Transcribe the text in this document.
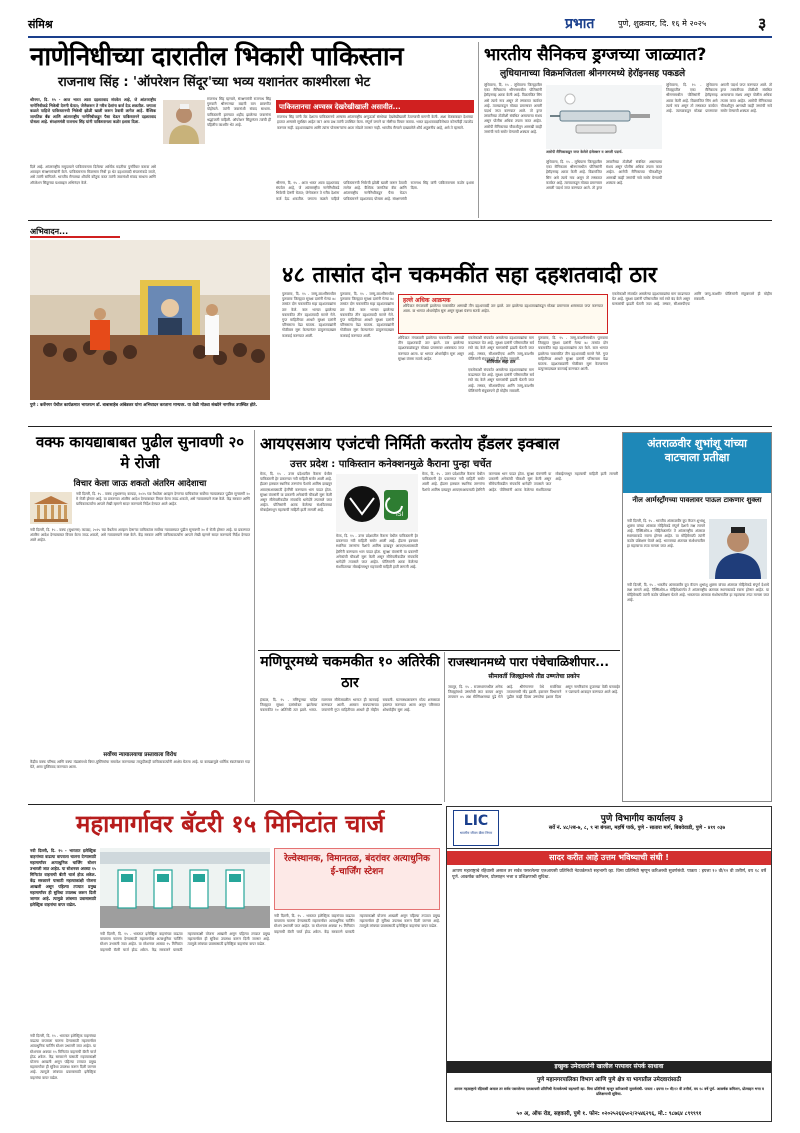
संमिश्र	प्रभात	पुणे, शुक्रवार, दि. १६ मे २०२५	३
नाणेनिधीच्या दारातील भिकारी पाकिस्तान
राजनाथ सिंह : 'ऑपरेशन सिंदूर'च्या भव्य यशानंतर काश्मीरला भेट
श्रीनगर, दि. १५ - आज भारत आता दहशतवाद संपवेल आहे, जे आंतरराष्ट्रीय नाणेनिधीकडे भिकेची देणगी घेतात; जेणेकरून ते गरीब देशांना कर्ज देऊ शकतील. जगाला कळले पाहिजे पाकिस्तानची भिकेची झोळी खाली करून ठेवावी लागेल आहे. वैश्विक जागतिक बँक आणि आंतरराष्ट्रीय नाणेनिधीकडून पैसा घेऊन पाकिस्तानने दहशतवाद पोसला आहे. संरक्षणमंत्री राजनाथ सिंह यांनी पाकिस्तानला कठोर इशारा दिला.
दिले आहे. आंतरराष्ट्रीय समुदायाने पाकिस्तानला दिलेल्या आर्थिक मदतीचा पुनर्विचार करावा असे आवाहन संरक्षणमंत्र्यांनी केले. पाकिस्तानला मिळणारा निधी हा थेट दहशतवादी संघटनांकडे जातो, असे त्यांनी सांगितले. भारतीय सैन्याच्या शौर्याचे कौतुक करत त्यांनी जवानांशी संवाद साधला आणि ऑपरेशन सिंदूरच्या यशाबद्दल अभिनंदन केले.
राजनाथ सिंह म्हणाले, संरक्षणमंत्री राजनाथ सिंह गुरुवारी श्रीनगरच्या बदामी बाग छावणीत पोहोचले. त्यांनी जवानांशी संवाद साधला. पाकिस्तानी हल्ल्यात शहीद झालेल्या जवानांना श्रद्धांजली वाहिली. ऑपरेशन सिंदूरनंतर त्यांची ही पहिलीच काश्मीर भेट आहे.
पाकिस्तानचा अण्वस्त्र देखरेखीखाली असावीत...
राजनाथ सिंह यांनी जेट देशाला पाकिस्तानचे अण्वस्त्र आंतरराष्ट्रीय अणुऊर्जा संस्थेच्या देखरेखीखाली ठेवण्याची मागणी केली. अशा बेजबाबदार देशाच्या हातात अण्वस्त्रे सुरक्षित आहेत का? असा प्रश्न त्यांनी उपस्थित केला. संपूर्ण जगाने या गोष्टीचा विचार करावा. भारत दहशतवादाविरोधात कोणतीही तडजोड करणार नाही. दहशतवाद्यांना आणि त्यांना पोसणाऱ्यांना आता सोडले जाणार नाही. भारतीय सैन्याने दाखवलेले शौर्य अतुलनीय आहे, असे ते म्हणाले.
श्रीनगर, दि. १५ - आज भारत आता दहशतवाद संपवेल आहे, जे आंतरराष्ट्रीय नाणेनिधीकडे भिकेची देणगी घेतात; जेणेकरून ते गरीब देशांना कर्ज देऊ शकतील. जगाला कळले पाहिजे पाकिस्तानची भिकेची झोळी खाली करून ठेवावी लागेल आहे. वैश्विक जागतिक बँक आणि आंतरराष्ट्रीय नाणेनिधीकडून पैसा घेऊन पाकिस्तानने दहशतवाद पोसला आहे. संरक्षणमंत्री राजनाथ सिंह यांनी पाकिस्तानला कठोर इशारा दिला.
भारतीय सैनिकच ड्रग्जच्या जाळ्यात?
लुधियानाच्या विक्रमजितला श्रीनगरमध्ये हेरॉइनसह पकडले
लुधियाना, दि. १५ - लुधियाना जिल्ह्यातील एका सैनिकाला श्रीनगरमधील पोलिसांनी हेरॉइनसह अटक केली आहे. विक्रमजित सिंग असे त्याचे नाव असून तो लष्करात कार्यरत आहे. त्याच्याकडून मोठ्या प्रमाणावर अमली पदार्थ जप्त करण्यात आले. तो ड्रग्ज तस्करीच्या टोळीशी संबंधित असल्याचा संशय असून पोलीस अधिक तपास करत आहेत. आरोपी सैनिकाच्या चौकशीतून आणखी काही जणांची नावे समोर येण्याची शक्यता आहे.
आरोपी सैनिकाकडून जप्त केलेले इंजेक्शन व अमली पदार्थ.
लुधियाना, दि. १५ - लुधियाना जिल्ह्यातील एका सैनिकाला श्रीनगरमधील पोलिसांनी हेरॉइनसह अटक केली आहे. विक्रमजित सिंग असे त्याचे नाव असून तो लष्करात कार्यरत आहे. त्याच्याकडून मोठ्या प्रमाणावर अमली पदार्थ जप्त करण्यात आले. तो ड्रग्ज तस्करीच्या टोळीशी संबंधित असल्याचा संशय असून पोलीस अधिक तपास करत आहेत. आरोपी सैनिकाच्या चौकशीतून आणखी काही जणांची नावे समोर येण्याची शक्यता आहे.
लुधियाना, दि. १५ - लुधियाना जिल्ह्यातील एका सैनिकाला श्रीनगरमधील पोलिसांनी हेरॉइनसह अटक केली आहे. विक्रमजित सिंग असे त्याचे नाव असून तो लष्करात कार्यरत आहे. त्याच्याकडून मोठ्या प्रमाणावर अमली पदार्थ जप्त करण्यात आले. तो ड्रग्ज तस्करीच्या टोळीशी संबंधित असल्याचा संशय असून पोलीस अधिक तपास करत आहेत. आरोपी सैनिकाच्या चौकशीतून आणखी काही जणांची नावे समोर येण्याची शक्यता आहे.
अभिवादन...
पुणे : कर्वेनगर येथील कार्यक्रमात भारतरत्न डॉ. बाबासाहेब आंबेडकर यांना अभिवादन करताना मान्यवर. या वेळी मोठ्या संख्येने नागरिक उपस्थित होते.
४८ तासांत दोन चकमकींत सहा दहशतवादी ठार
पुलवामा, दि. १५ - जम्मू-काश्मीरमधील पुलवामा जिल्ह्यात सुरक्षा दलांनी गेल्या ४८ तासांत दोन चकमकींत सहा दहशतवाद्यांना ठार केले. त्राल भागात झालेल्या चकमकीत तीन दहशतवादी मारले गेले. गुप्त माहितीच्या आधारे सुरक्षा दलांनी परिसराला वेढा घातला. दहशतवाद्यांनी गोळीबार सुरू केल्यानंतर प्रत्युत्तरादाखल कारवाई करण्यात आली.
पुलवामा, दि. १५ - जम्मू-काश्मीरमधील पुलवामा जिल्ह्यात सुरक्षा दलांनी गेल्या ४८ तासांत दोन चकमकींत सहा दहशतवाद्यांना ठार केले. त्राल भागात झालेल्या चकमकीत तीन दहशतवादी मारले गेले. गुप्त माहितीच्या आधारे सुरक्षा दलांनी परिसराला वेढा घातला. दहशतवाद्यांनी गोळीबार सुरू केल्यानंतर प्रत्युत्तरादाखल कारवाई करण्यात आली.
हल्ले अधिक आक्रमक
शोपियात मंगळवारी झालेल्या चकमकीत आणखी तीन दहशतवादी ठार झाले. ठार झालेल्या दहशतवाद्यांकडून मोठ्या प्रमाणावर शस्त्रसाठा जप्त करण्यात आला. या भागात शोधमोहीम सुरू असून सुरक्षा यंत्रणा सतर्क आहेत.
शोपियात मंगळवारी झालेल्या चकमकीत आणखी तीन दहशतवादी ठार झाले. ठार झालेल्या दहशतवाद्यांकडून मोठ्या प्रमाणावर शस्त्रसाठा जप्त करण्यात आला. या भागात शोधमोहीम सुरू असून सुरक्षा यंत्रणा सतर्क आहेत.
एकमेकांशी संपर्कात असलेल्या दहशतवाद्यांचा माग काढण्यात येत आहे. सुरक्षा दलांनी परिसरातील सर्व रस्ते बंद केले असून घराघरांची झडती घेतली जात आहे. लष्कर, सीआरपीएफ आणि जम्मू-काश्मीर पोलिसांनी संयुक्तपणे ही मोहीम राबवली.
शोपियात सहा ठार
एकमेकांशी संपर्कात असलेल्या दहशतवाद्यांचा माग काढण्यात येत आहे. सुरक्षा दलांनी परिसरातील सर्व रस्ते बंद केले असून घराघरांची झडती घेतली जात आहे. लष्कर, सीआरपीएफ आणि जम्मू-काश्मीर पोलिसांनी संयुक्तपणे ही मोहीम राबवली.
पुलवामा, दि. १५ - जम्मू-काश्मीरमधील पुलवामा जिल्ह्यात सुरक्षा दलांनी गेल्या ४८ तासांत दोन चकमकींत सहा दहशतवाद्यांना ठार केले. त्राल भागात झालेल्या चकमकीत तीन दहशतवादी मारले गेले. गुप्त माहितीच्या आधारे सुरक्षा दलांनी परिसराला वेढा घातला. दहशतवाद्यांनी गोळीबार सुरू केल्यानंतर प्रत्युत्तरादाखल कारवाई करण्यात आली.
एकमेकांशी संपर्कात असलेल्या दहशतवाद्यांचा माग काढण्यात येत आहे. सुरक्षा दलांनी परिसरातील सर्व रस्ते बंद केले असून घराघरांची झडती घेतली जात आहे. लष्कर, सीआरपीएफ आणि जम्मू-काश्मीर पोलिसांनी संयुक्तपणे ही मोहीम राबवली.
वक्फ कायद्याबाबत पुढील सुनावणी २० मे रोजी
विचार केला जाऊ शकतो अंतरिम आदेशाचा
नवी दिल्ली, दि. १५ - वक्फ (सुधारणा) कायदा, २०२५ च्या वैधतेला आव्हान देणाऱ्या याचिकांवर सर्वोच्च न्यायालयात पुढील सुनावणी २० मे रोजी होणार आहे. या प्रकरणात अंतरिम आदेश देण्याबाबत विचार केला जाऊ शकतो, असे न्यायालयाने स्पष्ट केले. केंद्र सरकार आणि याचिकाकर्त्यांना आपले लेखी म्हणणे सादर करण्याचे निर्देश देण्यात आले आहेत.
नवी दिल्ली, दि. १५ - वक्फ (सुधारणा) कायदा, २०२५ च्या वैधतेला आव्हान देणाऱ्या याचिकांवर सर्वोच्च न्यायालयात पुढील सुनावणी २० मे रोजी होणार आहे. या प्रकरणात अंतरिम आदेश देण्याबाबत विचार केला जाऊ शकतो, असे न्यायालयाने स्पष्ट केले. केंद्र सरकार आणि याचिकाकर्त्यांना आपले लेखी म्हणणे सादर करण्याचे निर्देश देण्यात आले आहेत.
सर्वोच्च न्यायालयाचा प्रस्तावाला विरोध
केंद्रीय वक्फ परिषद आणि वक्फ मंडळांमध्ये बिगर-मुस्लिमांचा समावेश करण्याच्या तरतुदीलाही याचिकाकर्त्यांनी आक्षेप घेतला आहे. या कायद्यामुळे धार्मिक स्वातंत्र्यावर गदा येते, असा युक्तिवाद करण्यात आला.
आयएसआय एजंटची निर्मिती करतोय हँडलर इक्बाल
उत्तर प्रदेश : पाकिस्तान कनेक्शनमुळे कैराना पुन्हा चर्चेत
मेरठ, दि. १५ - उत्तर प्रदेशातील कैराना येथील पाकिस्तानी हेर प्रकरणात नवी माहिती समोर आली आहे. हँडलर इक्बाल स्थानिक तरुणांना पैशांचे आमिष दाखवून आयएसआयसाठी हेरगिरी करण्यास भाग पाडत होता. सुरक्षा यंत्रणांनी या प्रकरणी अनेकांची चौकशी सुरू केली असून सीमेपलीकडील संपर्काचे धागेदोरे तपासले जात आहेत. पोलिसांनी अटक केलेल्या संशयिताच्या मोबाईलमधून महत्त्वाची माहिती हाती लागली आहे.
ISI
मेरठ, दि. १५ - उत्तर प्रदेशातील कैराना येथील पाकिस्तानी हेर प्रकरणात नवी माहिती समोर आली आहे. हँडलर इक्बाल स्थानिक तरुणांना पैशांचे आमिष दाखवून आयएसआयसाठी हेरगिरी करण्यास भाग पाडत होता. सुरक्षा यंत्रणांनी या प्रकरणी अनेकांची चौकशी सुरू केली असून सीमेपलीकडील संपर्काचे धागेदोरे तपासले जात आहेत. पोलिसांनी अटक केलेल्या संशयिताच्या मोबाईलमधून महत्त्वाची माहिती हाती लागली आहे.
मेरठ, दि. १५ - उत्तर प्रदेशातील कैराना येथील पाकिस्तानी हेर प्रकरणात नवी माहिती समोर आली आहे. हँडलर इक्बाल स्थानिक तरुणांना पैशांचे आमिष दाखवून आयएसआयसाठी हेरगिरी करण्यास भाग पाडत होता. सुरक्षा यंत्रणांनी या प्रकरणी अनेकांची चौकशी सुरू केली असून सीमेपलीकडील संपर्काचे धागेदोरे तपासले जात आहेत. पोलिसांनी अटक केलेल्या संशयिताच्या मोबाईलमधून महत्त्वाची माहिती हाती लागली आहे.
अंतराळवीर शुभांशू यांच्या वाटचाला प्रतीक्षा
नील आर्मस्ट्रॉंगच्या पावलावर पाऊल टाकणार शुक्ला
नवी दिल्ली, दि. १५ - भारतीय अंतराळवीर ग्रुप कॅप्टन शुभांशू शुक्ला यांच्या अंतराळ मोहिमेकडे संपूर्ण देशाचे लक्ष लागले आहे. ऍक्सिओम-४ मोहिमेअंतर्गत ते आंतरराष्ट्रीय अंतराळ स्थानकाकडे रवाना होणार आहेत. या मोहिमेसाठी त्यांनी कठोर प्रशिक्षण घेतले आहे. भारताच्या अंतराळ संशोधनातील हा महत्त्वाचा टप्पा मानला जात आहे.
नवी दिल्ली, दि. १५ - भारतीय अंतराळवीर ग्रुप कॅप्टन शुभांशू शुक्ला यांच्या अंतराळ मोहिमेकडे संपूर्ण देशाचे लक्ष लागले आहे. ऍक्सिओम-४ मोहिमेअंतर्गत ते आंतरराष्ट्रीय अंतराळ स्थानकाकडे रवाना होणार आहेत. या मोहिमेसाठी त्यांनी कठोर प्रशिक्षण घेतले आहे. भारताच्या अंतराळ संशोधनातील हा महत्त्वाचा टप्पा मानला जात आहे.
मणिपूरमध्ये चकमकीत १० अतिरेकी ठार
इंफाळ, दि. १५ - मणिपूरच्या चांदेल जिल्ह्यात सुरक्षा दलांसोबत झालेल्या चकमकीत १० अतिरेकी ठार झाले. भारत-म्यानमार सीमेजवळील भागात ही कारवाई करण्यात आली. आसाम रायफल्सच्या जवानांनी गुप्त माहितीच्या आधारे ही मोहीम राबवली. घटनास्थळावरून मोठा शस्त्रसाठा हस्तगत करण्यात आला असून परिसरात शोधमोहीम सुरू आहे.
राजस्थानमध्ये पारा पंचेचाळिशीपार...
सीमावर्ती जिल्ह्यांमध्ये तीव्र उष्णतेचा प्रकोप
जयपूर, दि. १५ - राजस्थानमधील अनेक जिल्ह्यांमध्ये उष्णतेची लाट कायम असून तापमान ४५ अंश सेल्सिअसच्या पुढे गेले आहे. श्रीगंगानगर येथे सर्वाधिक तापमानाची नोंद झाली. हवामान विभागाने पुढील काही दिवस उष्णतेचा इशारा दिला असून नागरिकांना दुपारच्या वेळी घराबाहेर न पडण्याचे आवाहन करण्यात आले आहे.
LIC
भारतीय जीवन बीमा निगम
पुणे विभागीय कार्यालय ३
सर्वे नं. ४८/२ब-७, ८, ९ ना बंगला, महर्षि पार्क, पुणे - सातारा मार्ग, बिबवेवाडी, पुणे - ४११ ०३७
सादर करीत आहे उत्तम भविष्याची संधी !
आपण महाराष्ट्राचे रहिवासी असाल तर सर्वत्र पसरलेल्या एलआयसी प्रतिनिधी नेटवर्कमध्ये सहभागी व्हा. विमा प्रतिनिधी म्हणून करिअरची सुवर्णसंधी. पात्रता : इयत्ता १० वी/१२ वी उत्तीर्ण, वय १८ वर्षे पूर्ण. आकर्षक कमिशन, प्रोत्साहन भत्ता व प्रशिक्षणाची सुविधा.
इच्छुक उमेदवारांनी खालील पत्त्यावर संपर्क साधावा
पुणे महानगरपालिका विभाग आणि पुणे क्षेत्र या भागातील उमेदवारांसाठी
आपण महाराष्ट्राचे रहिवासी असाल तर सर्वत्र पसरलेल्या एलआयसी प्रतिनिधी नेटवर्कमध्ये सहभागी व्हा. विमा प्रतिनिधी म्हणून करिअरची सुवर्णसंधी. पात्रता : इयत्ता १० वी/१२ वी उत्तीर्ण, वय १८ वर्षे पूर्ण. आकर्षक कमिशन, प्रोत्साहन भत्ता व प्रशिक्षणाची सुविधा.
५० अ, ऑफ रोड, सहकारी, पुणे १. फोन: ०२०२५२६६५०२/२५४६२९६, मो.: ९८७६४ ८९९९९१
महामार्गावर बॅटरी १५ मिनिटांत चार्ज
नवी दिल्ली, दि. १५ - भारतात इलेक्ट्रिक वाहनांच्या वाढत्या वापराला चालना देण्यासाठी महामार्गांवर अत्याधुनिक चार्जिंग स्टेशन उभारली जात आहेत. या स्टेशनवर अवघ्या १५ मिनिटांत वाहनाची बॅटरी चार्ज होऊ शकेल. केंद्र सरकारने यासाठी महत्त्वाकांक्षी योजना आखली असून पहिल्या टप्प्यात प्रमुख महामार्गांवर ही सुविधा उपलब्ध करून दिली जाणार आहे. त्यामुळे लांबच्या प्रवासासाठी इलेक्ट्रिक वाहनांचा वापर वाढेल.
नवी दिल्ली, दि. १५ - भारतात इलेक्ट्रिक वाहनांच्या वाढत्या वापराला चालना देण्यासाठी महामार्गांवर अत्याधुनिक चार्जिंग स्टेशन उभारली जात आहेत. या स्टेशनवर अवघ्या १५ मिनिटांत वाहनाची बॅटरी चार्ज होऊ शकेल. केंद्र सरकारने यासाठी महत्त्वाकांक्षी योजना आखली असून पहिल्या टप्प्यात प्रमुख महामार्गांवर ही सुविधा उपलब्ध करून दिली जाणार आहे. त्यामुळे लांबच्या प्रवासासाठी इलेक्ट्रिक वाहनांचा वापर वाढेल.
रेल्वेस्थानक, विमानतळ, बंदरांवर अत्याधुनिक ई-चार्जिंग स्टेशन
नवी दिल्ली, दि. १५ - भारतात इलेक्ट्रिक वाहनांच्या वाढत्या वापराला चालना देण्यासाठी महामार्गांवर अत्याधुनिक चार्जिंग स्टेशन उभारली जात आहेत. या स्टेशनवर अवघ्या १५ मिनिटांत वाहनाची बॅटरी चार्ज होऊ शकेल. केंद्र सरकारने यासाठी महत्त्वाकांक्षी योजना आखली असून पहिल्या टप्प्यात प्रमुख महामार्गांवर ही सुविधा उपलब्ध करून दिली जाणार आहे. त्यामुळे लांबच्या प्रवासासाठी इलेक्ट्रिक वाहनांचा वापर वाढेल.
नवी दिल्ली, दि. १५ - भारतात इलेक्ट्रिक वाहनांच्या वाढत्या वापराला चालना देण्यासाठी महामार्गांवर अत्याधुनिक चार्जिंग स्टेशन उभारली जात आहेत. या स्टेशनवर अवघ्या १५ मिनिटांत वाहनाची बॅटरी चार्ज होऊ शकेल. केंद्र सरकारने यासाठी महत्त्वाकांक्षी योजना आखली असून पहिल्या टप्प्यात प्रमुख महामार्गांवर ही सुविधा उपलब्ध करून दिली जाणार आहे. त्यामुळे लांबच्या प्रवासासाठी इलेक्ट्रिक वाहनांचा वापर वाढेल.
